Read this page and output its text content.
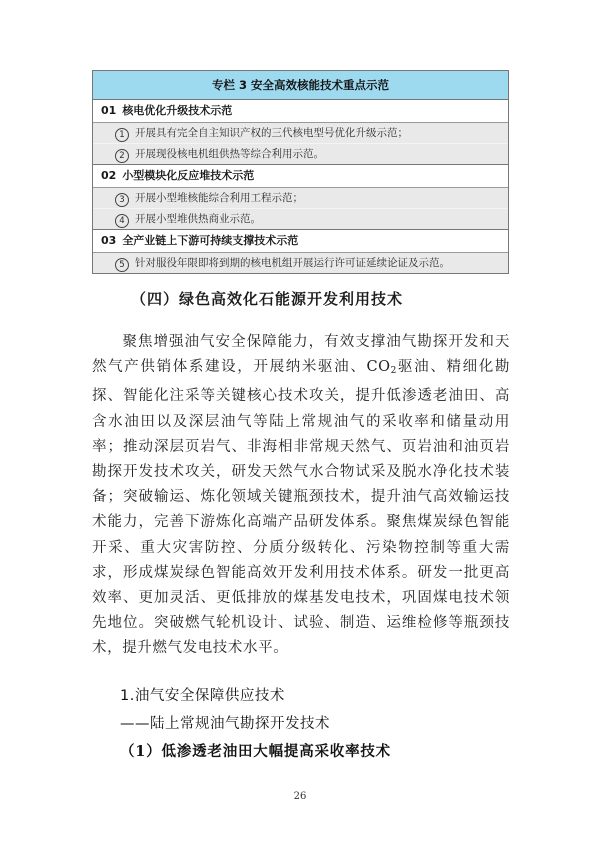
专栏 3 安全高效核能技术重点示范
01 核电优化升级技术示范
1 开展具有完全自主知识产权的三代核电型号优化升级示范；
2 开展现役核电机组供热等综合利用示范。
02 小型模块化反应堆技术示范
3 开展小型堆核能综合利用工程示范；
4 开展小型堆供热商业示范。
03 全产业链上下游可持续支撑技术示范
5 针对服役年限即将到期的核电机组开展运行许可证延续论证及示范。
（四）绿色高效化石能源开发利用技术
聚焦增强油气安全保障能力，有效支撑油气勘探开发和天然气产供销体系建设，开展纳米驱油、$CO_2$驱油、精细化勘探、智能化注采等关键核心技术攻关，提升低渗透老油田、高含水油田以及深层油气等陆上常规油气的采收率和储量动用率；推动深层页岩气、非海相非常规天然气、页岩油和油页岩勘探开发技术攻关，研发天然气水合物试采及脱水净化技术装备；突破输运、炼化领域关键瓶颈技术，提升油气高效输运技术能力，完善下游炼化高端产品研发体系。聚焦煤炭绿色智能开采、重大灾害防控、分质分级转化、污染物控制等重大需求，形成煤炭绿色智能高效开发利用技术体系。研发一批更高效率、更加灵活、更低排放的煤基发电技术，巩固煤电技术领先地位。突破燃气轮机设计、试验、制造、运维检修等瓶颈技术，提升燃气发电技术水平。
1.油气安全保障供应技术
——陆上常规油气勘探开发技术
（1）低渗透老油田大幅提高采收率技术
26
